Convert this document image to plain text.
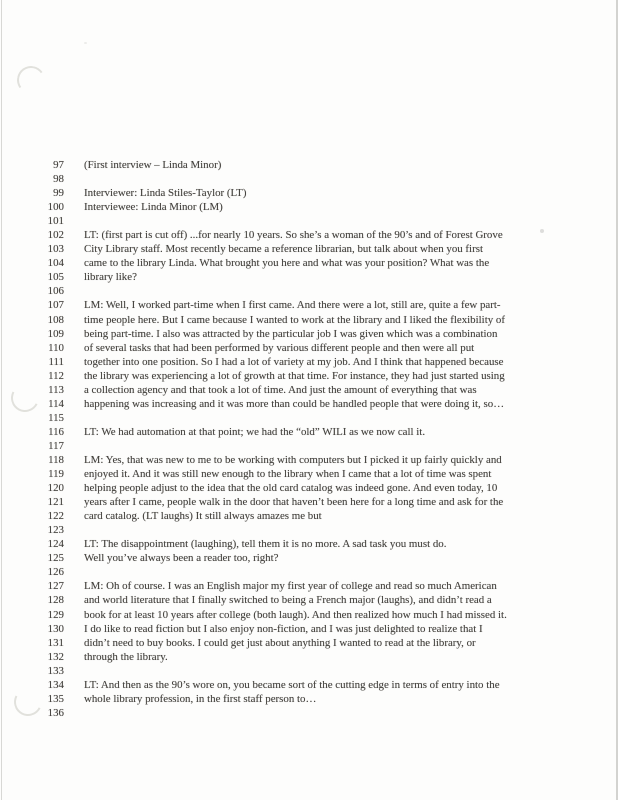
97 (First interview – Linda Minor)
98
99 Interviewer: Linda Stiles-Taylor (LT)
100 Interviewee: Linda Minor (LM)
101
102 LT: (first part is cut off) ...for nearly 10 years. So she’s a woman of the 90’s and of Forest Grove
103 City Library staff. Most recently became a reference librarian, but talk about when you first
104 came to the library Linda. What brought you here and what was your position? What was the
105 library like?
106
107 LM: Well, I worked part-time when I first came. And there were a lot, still are, quite a few part-
108 time people here. But I came because I wanted to work at the library and I liked the flexibility of
109 being part-time. I also was attracted by the particular job I was given which was a combination
110 of several tasks that had been performed by various different people and then were all put
111 together into one position. So I had a lot of variety at my job. And I think that happened because
112 the library was experiencing a lot of growth at that time. For instance, they had just started using
113 a collection agency and that took a lot of time. And just the amount of everything that was
114 happening was increasing and it was more than could be handled people that were doing it, so…
115
116 LT: We had automation at that point; we had the “old” WILI as we now call it.
117
118 LM: Yes, that was new to me to be working with computers but I picked it up fairly quickly and
119 enjoyed it. And it was still new enough to the library when I came that a lot of time was spent
120 helping people adjust to the idea that the old card catalog was indeed gone. And even today, 10
121 years after I came, people walk in the door that haven’t been here for a long time and ask for the
122 card catalog. (LT laughs) It still always amazes me but
123
124 LT: The disappointment (laughing), tell them it is no more. A sad task you must do.
125 Well you’ve always been a reader too, right?
126
127 LM: Oh of course. I was an English major my first year of college and read so much American
128 and world literature that I finally switched to being a French major (laughs), and didn’t read a
129 book for at least 10 years after college (both laugh). And then realized how much I had missed it.
130 I do like to read fiction but I also enjoy non-fiction, and I was just delighted to realize that I
131 didn’t need to buy books. I could get just about anything I wanted to read at the library, or
132 through the library.
133
134 LT: And then as the 90’s wore on, you became sort of the cutting edge in terms of entry into the
135 whole library profession, in the first staff person to…
136
